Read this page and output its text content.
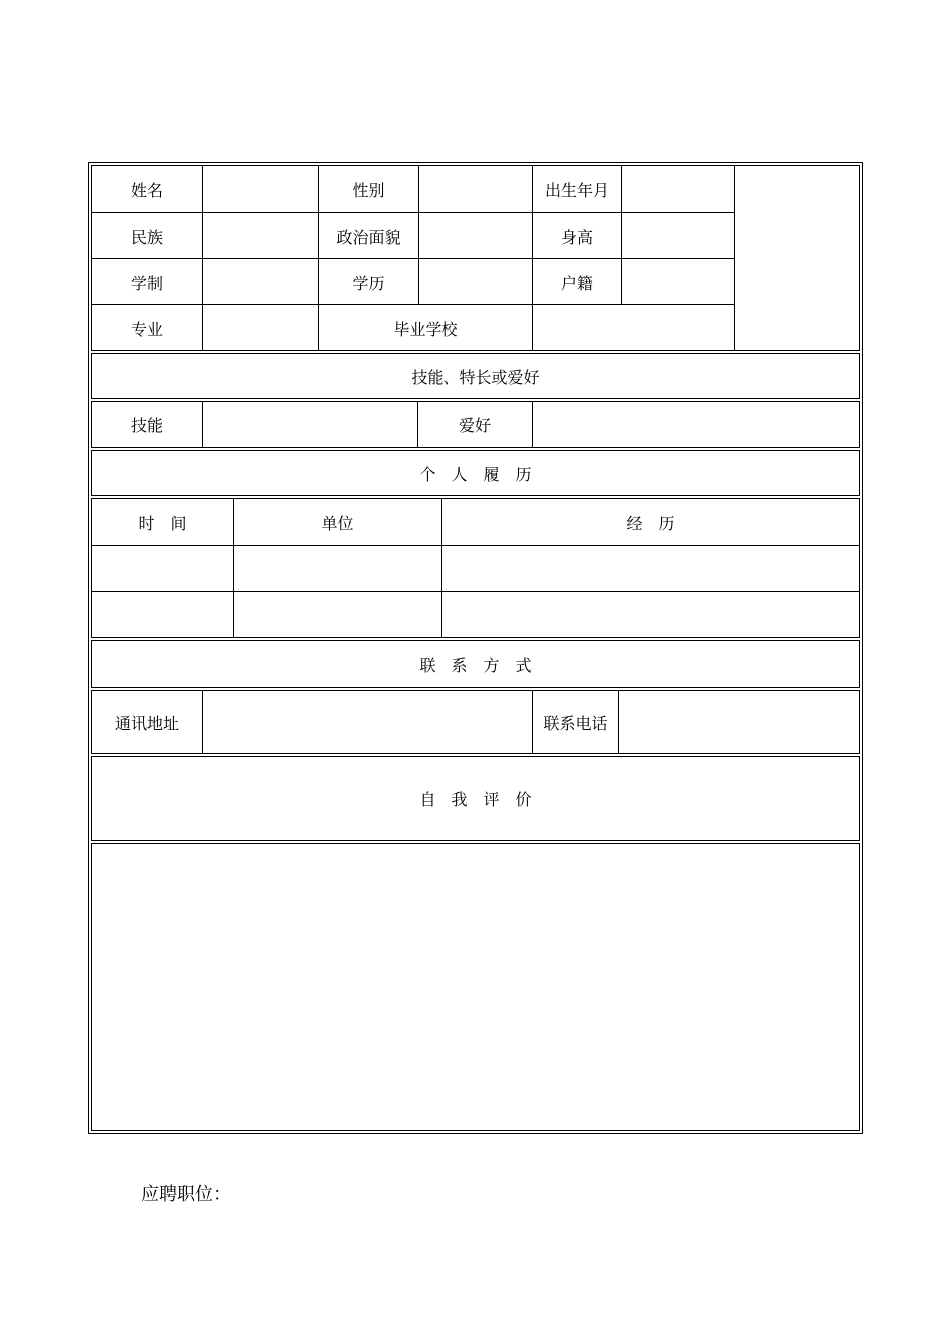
姓名	性别	出生年月
民族	政治面貌	身高
学制	学历	户籍
专业	毕业学校
技能、特长或爱好
技能	爱好
个　人　履　历
时　间	单位	经　历
联　系　方　式
通讯地址	联系电话
自　我　评　价
应聘职位：
